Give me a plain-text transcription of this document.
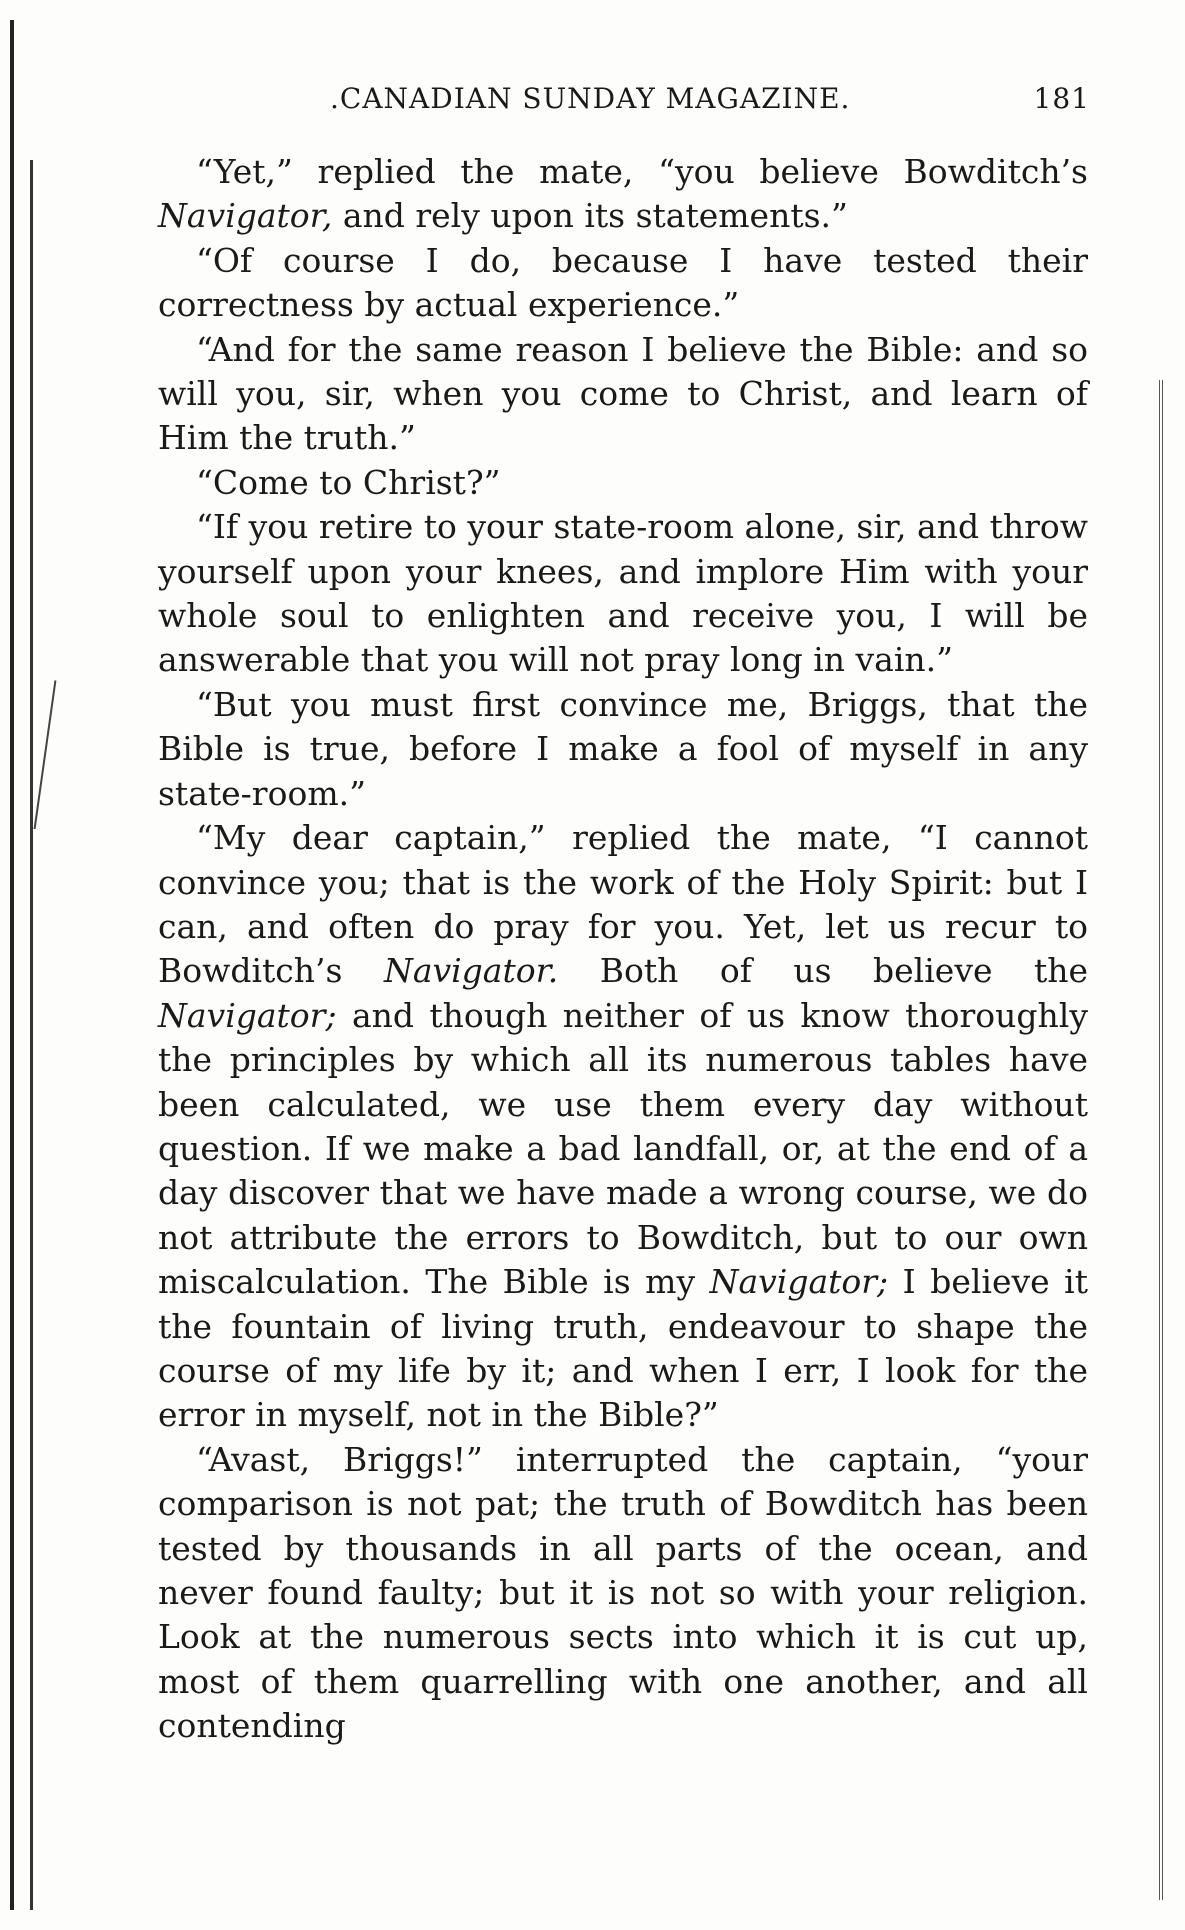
.CANADIAN SUNDAY MAGAZINE.	181

“Yet,” replied the mate, “you believe Bowditch’s Navigator, and rely upon its statements.”

“Of course I do, because I have tested their correctness by actual experience.”

“And for the same reason I believe the Bible: and so will you, sir, when you come to Christ, and learn of Him the truth.”

“Come to Christ?”

“If you retire to your state-room alone, sir, and throw yourself upon your knees, and implore Him with your whole soul to enlighten and receive you, I will be answerable that you will not pray long in vain.”

“But you must first convince me, Briggs, that the Bible is true, before I make a fool of myself in any state-room.”

“My dear captain,” replied the mate, “I cannot convince you; that is the work of the Holy Spirit: but I can, and often do pray for you. Yet, let us recur to Bowditch’s Navigator. Both of us believe the Navigator; and though neither of us know thoroughly the principles by which all its numerous tables have been calculated, we use them every day without question. If we make a bad landfall, or, at the end of a day discover that we have made a wrong course, we do not attribute the errors to Bowditch, but to our own miscalculation. The Bible is my Navigator; I believe it the fountain of living truth, endeavour to shape the course of my life by it; and when I err, I look for the error in myself, not in the Bible?”

“Avast, Briggs!” interrupted the captain, “your comparison is not pat; the truth of Bowditch has been tested by thousands in all parts of the ocean, and never found faulty; but it is not so with your religion. Look at the numerous sects into which it is cut up, most of them quarrelling with one another, and all contending
